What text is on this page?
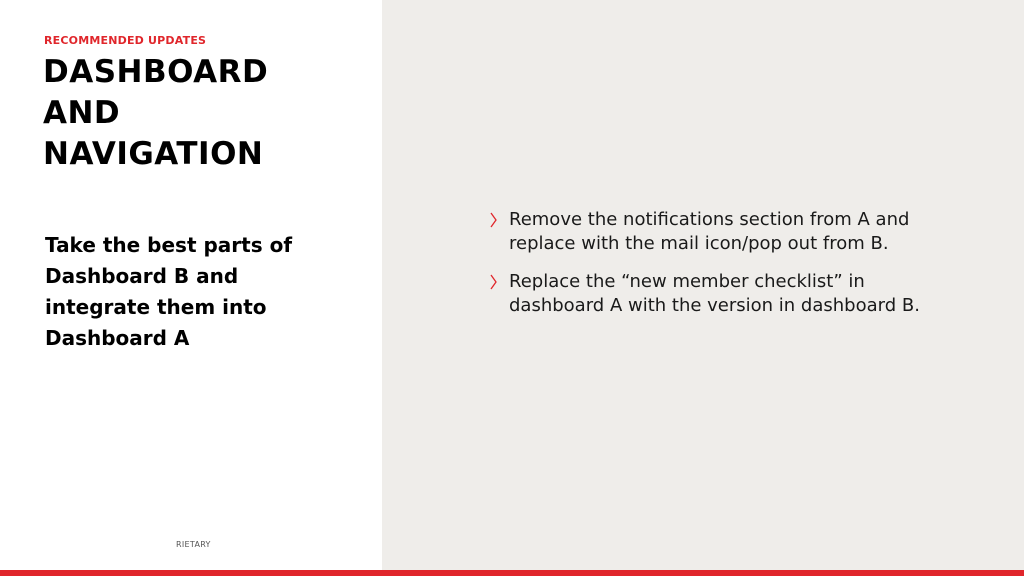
RECOMMENDED UPDATES
DASHBOARD
AND
NAVIGATION

Take the best parts of Dashboard B and integrate them into Dashboard A

RIETARY
Remove the notifications section from A and replace with the mail icon/pop out from B.
Replace the “new member checklist” in dashboard A with the version in dashboard B.
